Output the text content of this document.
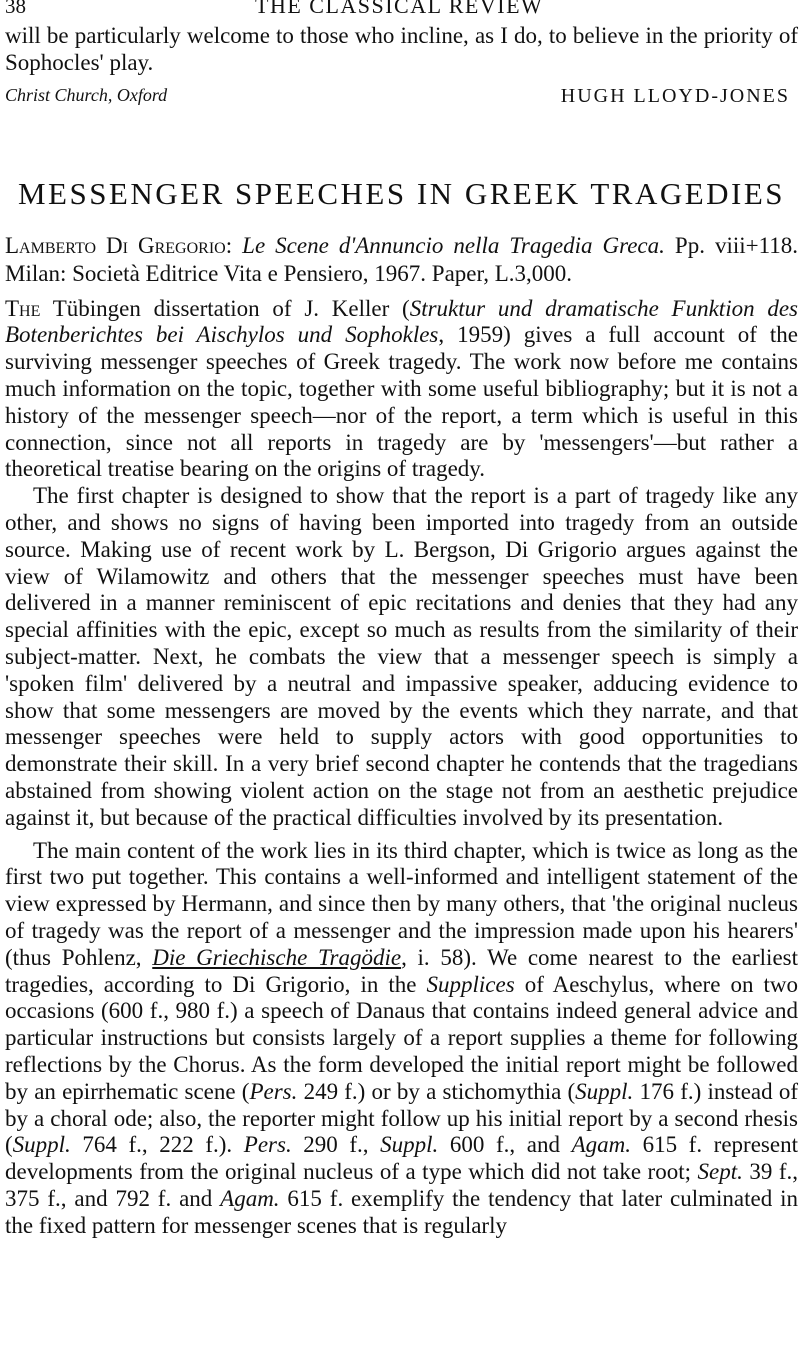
38	THE CLASSICAL REVIEW

will be particularly welcome to those who incline, as I do, to believe in the priority of Sophocles' play.

Christ Church, Oxford	HUGH LLOYD-JONES
MESSENGER SPEECHES IN GREEK TRAGEDIES

Lamberto Di Gregorio: Le Scene d'Annuncio nella Tragedia Greca. Pp. viii+118. Milan: Società Editrice Vita e Pensiero, 1967. Paper, L.3,000.

The Tübingen dissertation of J. Keller (Struktur und dramatische Funktion des Botenberichtes bei Aischylos und Sophokles, 1959) gives a full account of the surviving messenger speeches of Greek tragedy. The work now before me contains much information on the topic, together with some useful bibliography; but it is not a history of the messenger speech—nor of the report, a term which is useful in this connection, since not all reports in tragedy are by 'messengers'—but rather a theoretical treatise bearing on the origins of tragedy.

The first chapter is designed to show that the report is a part of tragedy like any other, and shows no signs of having been imported into tragedy from an outside source. Making use of recent work by L. Bergson, Di Grigorio argues against the view of Wilamowitz and others that the messenger speeches must have been delivered in a manner reminiscent of epic recitations and denies that they had any special affinities with the epic, except so much as results from the similarity of their subject-matter. Next, he combats the view that a messenger speech is simply a 'spoken film' delivered by a neutral and impassive speaker, adducing evidence to show that some messengers are moved by the events which they narrate, and that messenger speeches were held to supply actors with good opportunities to demonstrate their skill. In a very brief second chapter he contends that the tragedians abstained from showing violent action on the stage not from an aesthetic prejudice against it, but because of the practical difficulties involved by its presentation.

The main content of the work lies in its third chapter, which is twice as long as the first two put together. This contains a well-informed and intelligent statement of the view expressed by Hermann, and since then by many others, that 'the original nucleus of tragedy was the report of a messenger and the impression made upon his hearers' (thus Pohlenz, Die Griechische Tragödie, i. 58). We come nearest to the earliest tragedies, according to Di Grigorio, in the Supplices of Aeschylus, where on two occasions (600 f., 980 f.) a speech of Danaus that contains indeed general advice and particular instructions but consists largely of a report supplies a theme for following reflections by the Chorus. As the form developed the initial report might be followed by an epirrhematic scene (Pers. 249 f.) or by a stichomythia (Suppl. 176 f.) instead of by a choral ode; also, the reporter might follow up his initial report by a second rhesis (Suppl. 764 f., 222 f.). Pers. 290 f., Suppl. 600 f., and Agam. 615 f. represent developments from the original nucleus of a type which did not take root; Sept. 39 f., 375 f., and 792 f. and Agam. 615 f. exemplify the tendency that later culminated in the fixed pattern for messenger scenes that is regularly
